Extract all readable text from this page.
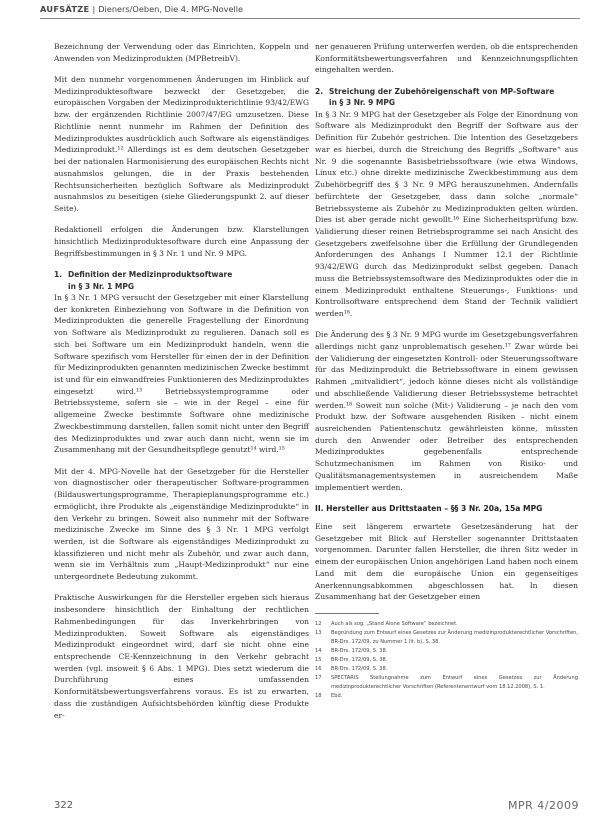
AUFSÄTZE | Dieners/Oeben, Die 4. MPG-Novelle

Bezeichnung der Verwendung oder das Einrichten, Koppeln und Anwenden von Medizinprodukten (MPBetreibV).

Mit den nunmehr vorgenommenen Änderungen im Hinblick auf Medizinproduktesoftware bezweckt der Gesetzgeber, die europäischen Vorgaben der Medizinprodukterichtlinie 93/42/EWG bzw. der ergänzenden Richtlinie 2007/47/EG umzusetzen. Diese Richtlinie nennt nunmehr im Rahmen der Definition des Medizinproduktes ausdrücklich auch Software als eigenständiges Medizinprodukt.¹² Allerdings ist es dem deutschen Gesetzgeber bei der nationalen Harmonisierung des europäischen Rechts nicht ausnahmslos gelungen, die in der Praxis bestehenden Rechtsunsicherheiten bezüglich Software als Medizinprodukt ausnahmslos zu beseitigen (siehe Gliederungspunkt 2. auf dieser Seite).

Redaktionell erfolgen die Änderungen bzw. Klarstellungen hinsichtlich Medizinproduktesoftware durch eine Anpassung der Begriffsbestimmungen in § 3 Nr. 1 und Nr. 9 MPG.

1. Definition der Medizinproduktsoftware
in § 3 Nr. 1 MPG

In § 3 Nr. 1 MPG versucht der Gesetzgeber mit einer Klarstellung der konkreten Einbeziehung von Software in die Definition von Medizinprodukten die generelle Fragestellung der Einordnung von Software als Medizinprodukt zu regulieren. Danach soll es sich bei Software um ein Medizinprodukt handeln, wenn die Software spezifisch vom Hersteller für einen der in der Definition für Medizinprodukten genannten medizinischen Zwecke bestimmt ist und für ein einwandfreies Funktionieren des Medizinproduktes eingesetzt wird.¹³ Betriebssystemprogramme oder Betriebssysteme, sofern sie – wie in der Regel – eine für allgemeine Zwecke bestimmte Software ohne medizinische Zweckbestimmung darstellen, fallen somit nicht unter den Begriff des Medizinproduktes und zwar auch dann nicht, wenn sie im Zusammenhang mit der Gesundheitspflege genutzt¹⁴ wird.¹⁵

Mit der 4. MPG-Novelle hat der Gesetzgeber für die Hersteller von diagnostischer oder therapeutischer Software-programmen (Bildauswertungsprogramme, Therapieplanungsprogramme etc.) ermöglicht, ihre Produkte als „eigenständige Medizinprodukte“ in den Verkehr zu bringen. Soweit also nunmehr mit der Software medizinische Zwecke im Sinne des § 3 Nr. 1 MPG verfolgt werden, ist die Software als eigenständiges Medizinprodukt zu klassifizieren und nicht mehr als Zubehör, und zwar auch dann, wenn sie im Verhältnis zum „Haupt-Medizinprodukt“ nur eine untergeordnete Bedeutung zukommt.

Praktische Auswirkungen für die Hersteller ergeben sich hieraus insbesondere hinsichtlich der Einhaltung der rechtlichen Rahmenbedingungen für das Inverkehrbringen von Medizinprodukten. Soweit Software als eigenständiges Medizinprodukt eingeordnet wird, darf sie nicht ohne eine entsprechende CE-Kennzeichnung in den Verkehr gebracht werden (vgl. insoweit § 6 Abs. 1 MPG). Dies setzt wiederum die Durchführung eines umfassenden Konformitätsbewertungsverfahrens voraus. Es ist zu erwarten, dass die zuständigen Aufsichtsbehörden künftig diese Produkte er-

ner genaueren Prüfung unterwerfen werden, ob die entsprechenden Konformitätsbewertungsverfahren und Kennzeichnungspflichten eingehalten werden.

2. Streichung der Zubehöreigenschaft von MP-Software
in § 3 Nr. 9 MPG

In § 3 Nr. 9 MPG hat der Gesetzgeber als Folge der Einordnung von Software als Medizinprodukt den Begriff der Software aus der Definition für Zubehör gestrichen. Die Intention des Gesetzgebers war es hierbei, durch die Streichung des Begriffs „Software“ aus Nr. 9 die sogenannte Basisbetriebssoftware (wie etwa Windows, Linux etc.) ohne direkte medizinische Zweckbestimmung aus dem Zubehörbegriff des § 3 Nr. 9 MPG herauszunehmen. Andernfalls befürchtete der Gesetzgeber, dass dann solche „normale“ Betriebssysteme als Zubehör zu Medizinprodukten gelten würden. Dies ist aber gerade nicht gewollt.¹⁶ Eine Sicherheitsprüfung bzw. Validierung dieser reinen Betriebsprogramme sei nach Ansicht des Gesetzgebers zweifelsohne über die Erfüllung der Grundlegenden Anforderungen des Anhangs I Nummer 12.1 der Richtlinie 93/42/EWG durch das Medizinprodukt selbst gegeben. Danach muss die Betriebssystemsoftware des Medizinproduktes oder die in einem Medizinprodukt enthaltene Steuerungs-, Funktions- und Kontrollsoftware entsprechend dem Stand der Technik validiert werden¹⁸.

Die Änderung des § 3 Nr. 9 MPG wurde im Gesetzgebungsverfahren allerdings nicht ganz unproblematisch gesehen.¹⁷ Zwar würde bei der Validierung der eingesetzten Kontroll- oder Steuerungssoftware für das Medizinprodukt die Betriebssoftware in einem gewissen Rahmen „mitvalidiert“, jedoch könne dieses nicht als vollständige und abschließende Validierung dieser Betriebssysteme betrachtet werden.¹⁸ Soweit nun solche (Mit-) Validierung – je nach den vom Produkt bzw. der Software ausgehenden Risiken – nicht einem ausreichenden Patientenschutz gewährleisten könne, müssten durch den Anwender oder Betreiber des entsprechenden Medizinproduktes gegebenenfalls entsprechende Schutzmechanismen im Rahmen von Risiko- und Qualitätsmanagementsystemen in ausreichendem Maße implementiert werden.

II. Hersteller aus Drittstaaten – §§ 3 Nr. 20a, 15a MPG

Eine seit längerem erwartete Gesetzesänderung hat der Gesetzgeber mit Blick auf Hersteller sogenannter Drittstaaten vorgenommen. Darunter fallen Hersteller, die ihren Sitz weder in einem der europäischen Union angehörigen Land haben noch einem Land mit dem die europäische Union ein gegenseitiges Anerkennungsabkommen abgeschlossen hat. In diesen Zusammenhang hat der Gesetzgeber einen

12	Auch als sog. „Stand Alone Software“ bezeichnet.
13	Begründung zum Entwurf eines Gesetzes zur Änderung medizinprodukterechtlicher Vorschriften, BR-Drs. 172/09, zu Nummer 1 lit. b), S. 38.
14	BR-Drs. 172/09, S. 38.
15	BR-Drs. 172/09, S. 38.
16	BR-Drs. 172/09, S. 38.
17	SPECTARIS Stellungnahme zum Entwurf eines Gesetzes zur Änderung medizinprodukterechtlicher Vorschriften (Referentenentwurf vom 18.12.2008), S. 1.
18	Ebd.
322	MPR 4/2009
